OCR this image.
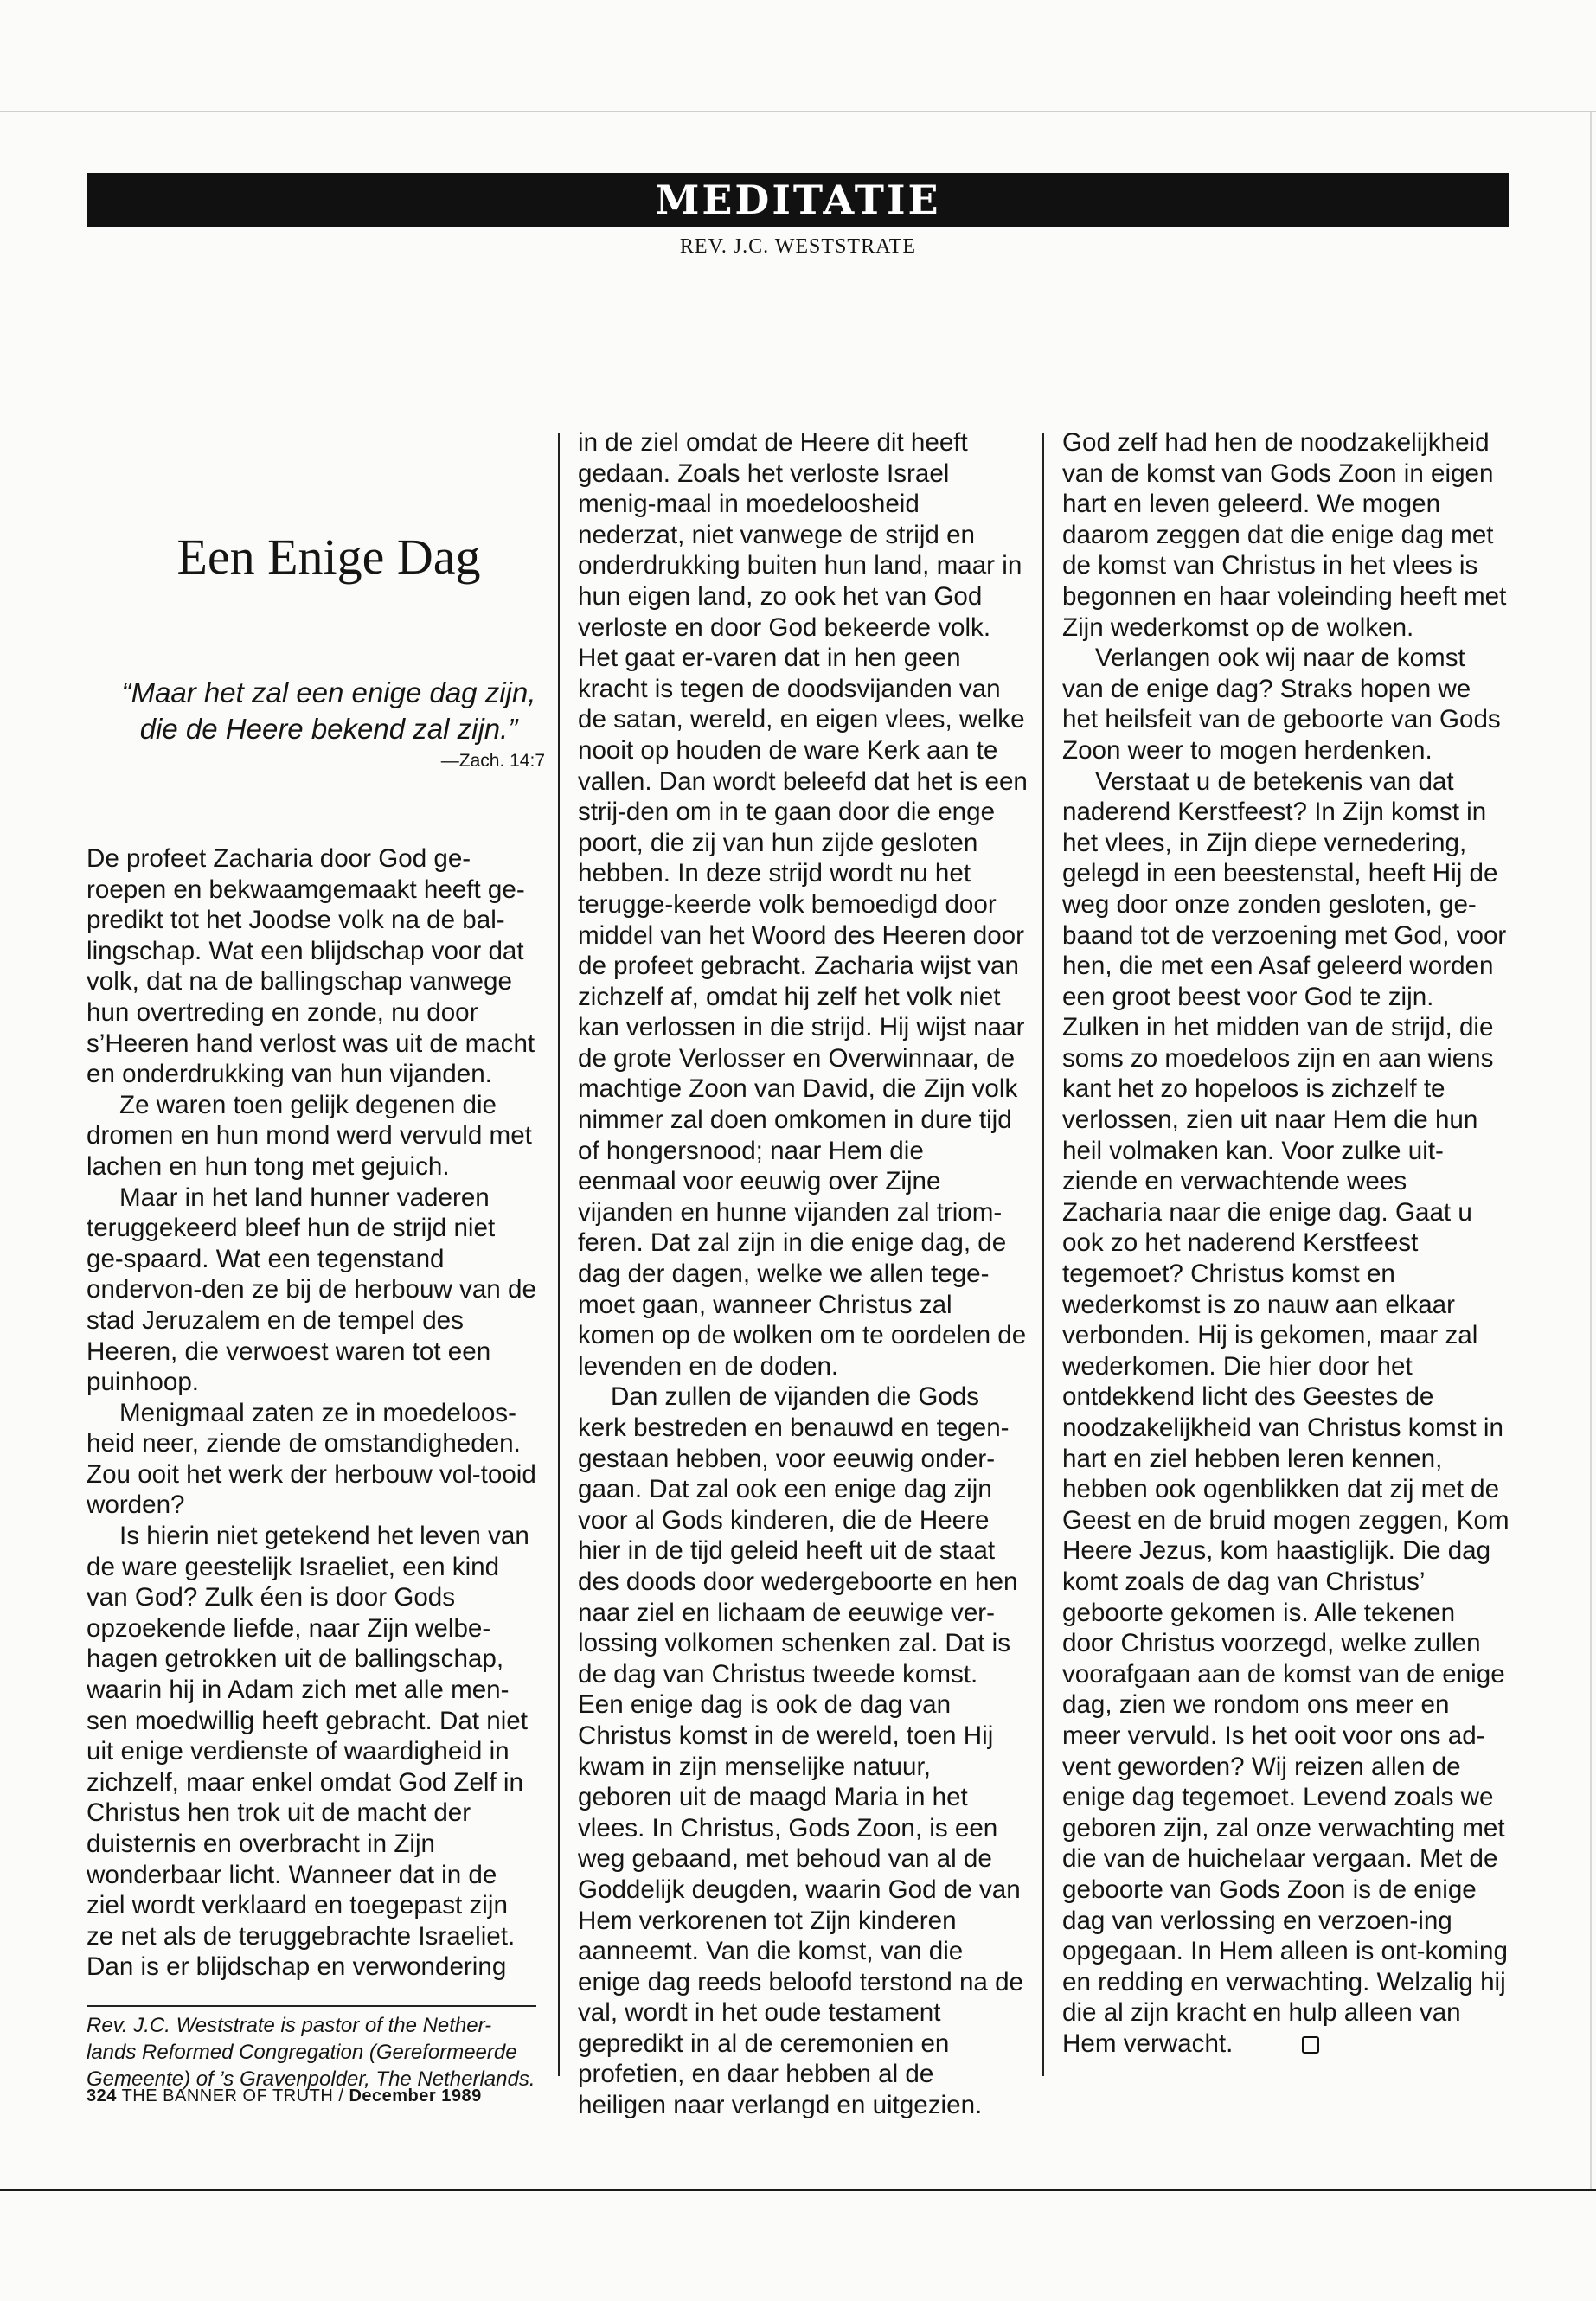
MEDITATIE
REV. J.C. WESTSTRATE
Een Enige Dag
“Maar het zal een enige dag zijn,
die de Heere bekend zal zijn.”
—Zach. 14:7

De profeet Zacharia door God ge-roepen en bekwaamgemaakt heeft ge-predikt tot het Joodse volk na de bal-lingschap. Wat een blijdschap voor dat volk, dat na de ballingschap vanwege hun overtreding en zonde, nu door s’Heeren hand verlost was uit de macht en onderdrukking van hun vijanden.

Ze waren toen gelijk degenen die dromen en hun mond werd vervuld met lachen en hun tong met gejuich.

Maar in het land hunner vaderen teruggekeerd bleef hun de strijd niet ge-spaard. Wat een tegenstand ondervon-den ze bij de herbouw van de stad Jeruzalem en de tempel des Heeren, die verwoest waren tot een puinhoop.

Menigmaal zaten ze in moedeloos-heid neer, ziende de omstandigheden. Zou ooit het werk der herbouw vol-tooid worden?

Is hierin niet getekend het leven van de ware geestelijk Israeliet, een kind van God? Zulk éen is door Gods opzoekende liefde, naar Zijn welbe-hagen getrokken uit de ballingschap, waarin hij in Adam zich met alle men-sen moedwillig heeft gebracht. Dat niet uit enige verdienste of waardigheid in zichzelf, maar enkel omdat God Zelf in Christus hen trok uit de macht der duisternis en overbracht in Zijn wonderbaar licht. Wanneer dat in de ziel wordt verklaard en toegepast zijn ze net als de teruggebrachte Israeliet. Dan is er blijdschap en verwondering

in de ziel omdat de Heere dit heeft gedaan. Zoals het verloste Israel menig-maal in moedeloosheid nederzat, niet vanwege de strijd en onderdrukking buiten hun land, maar in hun eigen land, zo ook het van God verloste en door God bekeerde volk. Het gaat er-varen dat in hen geen kracht is tegen de doodsvijanden van de satan, wereld, en eigen vlees, welke nooit op houden de ware Kerk aan te vallen. Dan wordt beleefd dat het is een strij-den om in te gaan door die enge poort, die zij van hun zijde gesloten hebben. In deze strijd wordt nu het terugge-keerde volk bemoedigd door middel van het Woord des Heeren door de profeet gebracht. Zacharia wijst van zichzelf af, omdat hij zelf het volk niet kan verlossen in die strijd. Hij wijst naar de grote Verlosser en Overwinnaar, de machtige Zoon van David, die Zijn volk nimmer zal doen omkomen in dure tijd of hongersnood; naar Hem die eenmaal voor eeuwig over Zijne vijanden en hunne vijanden zal triom-feren. Dat zal zijn in die enige dag, de dag der dagen, welke we allen tege-moet gaan, wanneer Christus zal komen op de wolken om te oordelen de levenden en de doden.

Dan zullen de vijanden die Gods kerk bestreden en benauwd en tegen-gestaan hebben, voor eeuwig onder-gaan. Dat zal ook een enige dag zijn voor al Gods kinderen, die de Heere hier in de tijd geleid heeft uit de staat des doods door wedergeboorte en hen naar ziel en lichaam de eeuwige ver-lossing volkomen schenken zal. Dat is de dag van Christus tweede komst. Een enige dag is ook de dag van Christus komst in de wereld, toen Hij kwam in zijn menselijke natuur, geboren uit de maagd Maria in het vlees. In Christus, Gods Zoon, is een weg gebaand, met behoud van al de Goddelijk deugden, waarin God de van Hem verkorenen tot Zijn kinderen aanneemt. Van die komst, van die enige dag reeds beloofd terstond na de val, wordt in het oude testament gepredikt in al de ceremonien en profetien, en daar hebben al de heiligen naar verlangd en uitgezien.

God zelf had hen de noodzakelijkheid van de komst van Gods Zoon in eigen hart en leven geleerd. We mogen daarom zeggen dat die enige dag met de komst van Christus in het vlees is begonnen en haar voleinding heeft met Zijn wederkomst op de wolken.

Verlangen ook wij naar de komst van de enige dag? Straks hopen we het heilsfeit van de geboorte van Gods Zoon weer to mogen herdenken.

Verstaat u de betekenis van dat naderend Kerstfeest? In Zijn komst in het vlees, in Zijn diepe vernedering, gelegd in een beestenstal, heeft Hij de weg door onze zonden gesloten, ge-baand tot de verzoening met God, voor hen, die met een Asaf geleerd worden een groot beest voor God te zijn. Zulken in het midden van de strijd, die soms zo moedeloos zijn en aan wiens kant het zo hopeloos is zichzelf te verlossen, zien uit naar Hem die hun heil volmaken kan. Voor zulke uit-ziende en verwachtende wees Zacharia naar die enige dag. Gaat u ook zo het naderend Kerstfeest tegemoet? Christus komst en wederkomst is zo nauw aan elkaar verbonden. Hij is gekomen, maar zal wederkomen. Die hier door het ontdekkend licht des Geestes de noodzakelijkheid van Christus komst in hart en ziel hebben leren kennen, hebben ook ogenblikken dat zij met de Geest en de bruid mogen zeggen, Kom Heere Jezus, kom haastiglijk. Die dag komt zoals de dag van Christus’ geboorte gekomen is. Alle tekenen door Christus voorzegd, welke zullen voorafgaan aan de komst van de enige dag, zien we rondom ons meer en meer vervuld. Is het ooit voor ons ad-vent geworden? Wij reizen allen de enige dag tegemoet. Levend zoals we geboren zijn, zal onze verwachting met die van de huichelaar vergaan. Met de geboorte van Gods Zoon is de enige dag van verlossing en verzoen-ing opgegaan. In Hem alleen is ont-koming en redding en verwachting. Welzalig hij die al zijn kracht en hulp alleen van Hem verwacht.

Rev. J.C. Weststrate is pastor of the Nether-lands Reformed Congregation (Gereformeerde Gemeente) of ’s Gravenpolder, The Netherlands.
324 THE BANNER OF TRUTH / December 1989
